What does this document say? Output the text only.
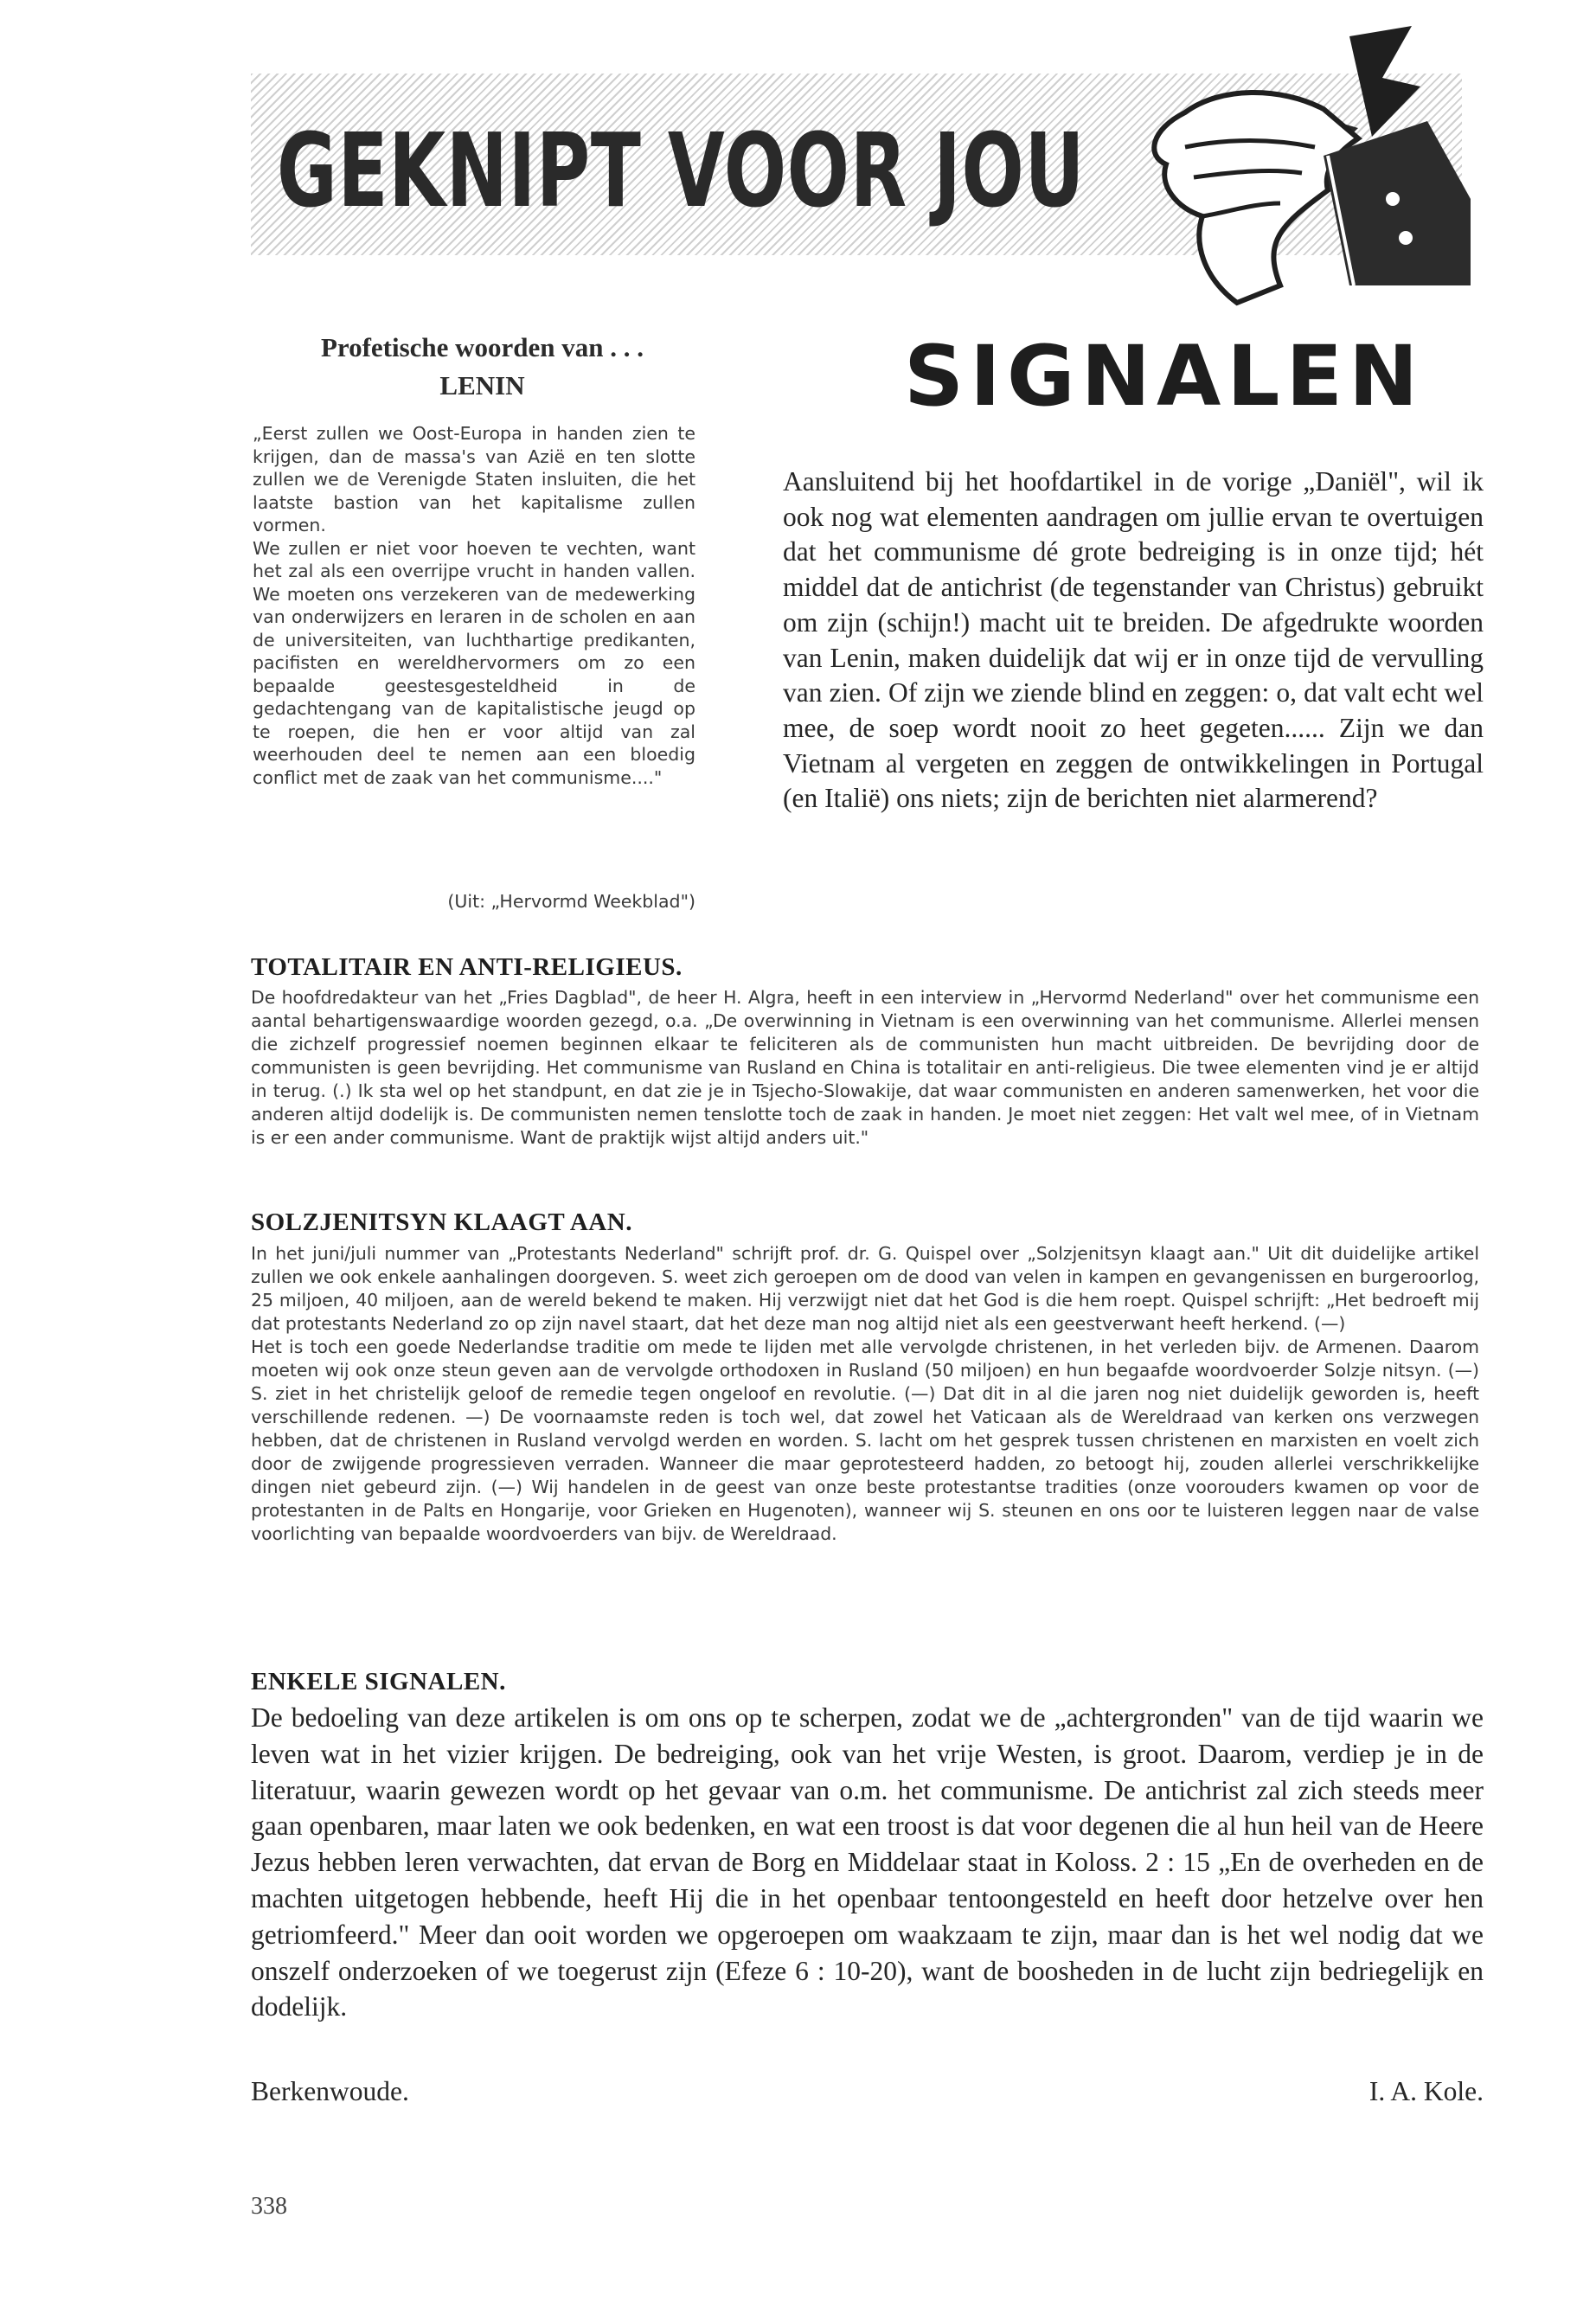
GEKNIPT VOOR JOU
Profetische woorden van . . .
LENIN

„Eerst zullen we Oost-Europa in handen zien te krijgen, dan de massa's van Azië en ten slotte zullen we de Verenigde Staten insluiten, die het laatste bastion van het kapitalisme zullen vormen.

We zullen er niet voor hoeven te vechten, want het zal als een overrijpe vrucht in handen vallen. We moeten ons verzekeren van de medewerking van onderwijzers en leraren in de scholen en aan de universiteiten, van luchthartige predikanten, pacifisten en wereldhervormers om zo een bepaalde geestesgesteldheid in de gedachtengang van de kapitalistische jeugd op te roepen, die hen er voor altijd van zal weerhouden deel te nemen aan een bloedig conflict met de zaak van het communisme...."

(Uit: „Hervormd Weekblad")
SIGNALEN
Aansluitend bij het hoofdartikel in de vorige „Daniël", wil ik ook nog wat elementen aandragen om jullie ervan te overtuigen dat het communisme dé grote bedreiging is in onze tijd; hét middel dat de antichrist (de tegenstander van Christus) gebruikt om zijn (schijn!) macht uit te breiden. De afgedrukte woorden van Lenin, maken duidelijk dat wij er in onze tijd de vervulling van zien. Of zijn we ziende blind en zeggen: o, dat valt echt wel mee, de soep wordt nooit zo heet gegeten...... Zijn we dan Vietnam al vergeten en zeggen de ontwikkelingen in Portugal (en Italië) ons niets; zijn de berichten niet alarmerend?
TOTALITAIR EN ANTI-RELIGIEUS.
De hoofdredakteur van het „Fries Dagblad", de heer H. Algra, heeft in een interview in „Hervormd Nederland" over het communisme een aantal behartigenswaardige woorden gezegd, o.a. „De overwinning in Vietnam is een overwinning van het communisme. Allerlei mensen die zichzelf progressief noemen beginnen elkaar te feliciteren als de communisten hun macht uitbreiden. De bevrijding door de communisten is geen bevrijding. Het communisme van Rusland en China is totalitair en anti-religieus. Die twee elementen vind je er altijd in terug. (.) Ik sta wel op het standpunt, en dat zie je in Tsjecho-Slowakije, dat waar communisten en anderen samenwerken, het voor die anderen altijd dodelijk is. De communisten nemen tenslotte toch de zaak in handen. Je moet niet zeggen: Het valt wel mee, of in Vietnam is er een ander communisme. Want de praktijk wijst altijd anders uit."
SOLZJENITSYN KLAAGT AAN.

In het juni/juli nummer van „Protestants Nederland" schrijft prof. dr. G. Quispel over „Solzjenitsyn klaagt aan." Uit dit duidelijke artikel zullen we ook enkele aanhalingen doorgeven. S. weet zich geroepen om de dood van velen in kampen en gevangenissen en burgeroorlog, 25 miljoen, 40 miljoen, aan de wereld bekend te maken. Hij verzwijgt niet dat het God is die hem roept. Quispel schrijft: „Het bedroeft mij dat protestants Nederland zo op zijn navel staart, dat het deze man nog altijd niet als een geestverwant heeft herkend. (—)

Het is toch een goede Nederlandse traditie om mede te lijden met alle vervolgde christenen, in het verleden bijv. de Armenen. Daarom moeten wij ook onze steun geven aan de vervolgde orthodoxen in Rusland (50 miljoen) en hun begaafde woordvoerder Solzje nitsyn. (—) S. ziet in het christelijk geloof de remedie tegen ongeloof en revolutie. (—) Dat dit in al die jaren nog niet duidelijk geworden is, heeft verschillende redenen. —) De voornaamste reden is toch wel, dat zowel het Vaticaan als de Wereldraad van kerken ons verzwegen hebben, dat de christenen in Rusland vervolgd werden en worden. S. lacht om het gesprek tussen christenen en marxisten en voelt zich door de zwijgende progressieven verraden. Wanneer die maar geprotesteerd hadden, zo betoogt hij, zouden allerlei verschrikkelijke dingen niet gebeurd zijn. (—) Wij handelen in de geest van onze beste protestantse tradities (onze voorouders kwamen op voor de protestanten in de Palts en Hongarije, voor Grieken en Hugenoten), wanneer wij S. steunen en ons oor te luisteren leggen naar de valse voorlichting van bepaalde woordvoerders van bijv. de Wereldraad.

ENKELE SIGNALEN.
De bedoeling van deze artikelen is om ons op te scherpen, zodat we de „achtergronden" van de tijd waarin we leven wat in het vizier krijgen. De bedreiging, ook van het vrije Westen, is groot. Daarom, verdiep je in de literatuur, waarin gewezen wordt op het gevaar van o.m. het communisme. De antichrist zal zich steeds meer gaan openbaren, maar laten we ook bedenken, en wat een troost is dat voor degenen die al hun heil van de Heere Jezus hebben leren verwachten, dat ervan de Borg en Middelaar staat in Koloss. 2 : 15 „En de overheden en de machten uitgetogen hebbende, heeft Hij die in het openbaar tentoongesteld en heeft door hetzelve over hen getriomfeerd." Meer dan ooit worden we opgeroepen om waakzaam te zijn, maar dan is het wel nodig dat we onszelf onderzoeken of we toegerust zijn (Efeze 6 : 10-20), want de boosheden in de lucht zijn bedriegelijk en dodelijk.
Berkenwoude.	I. A. Kole.
338
